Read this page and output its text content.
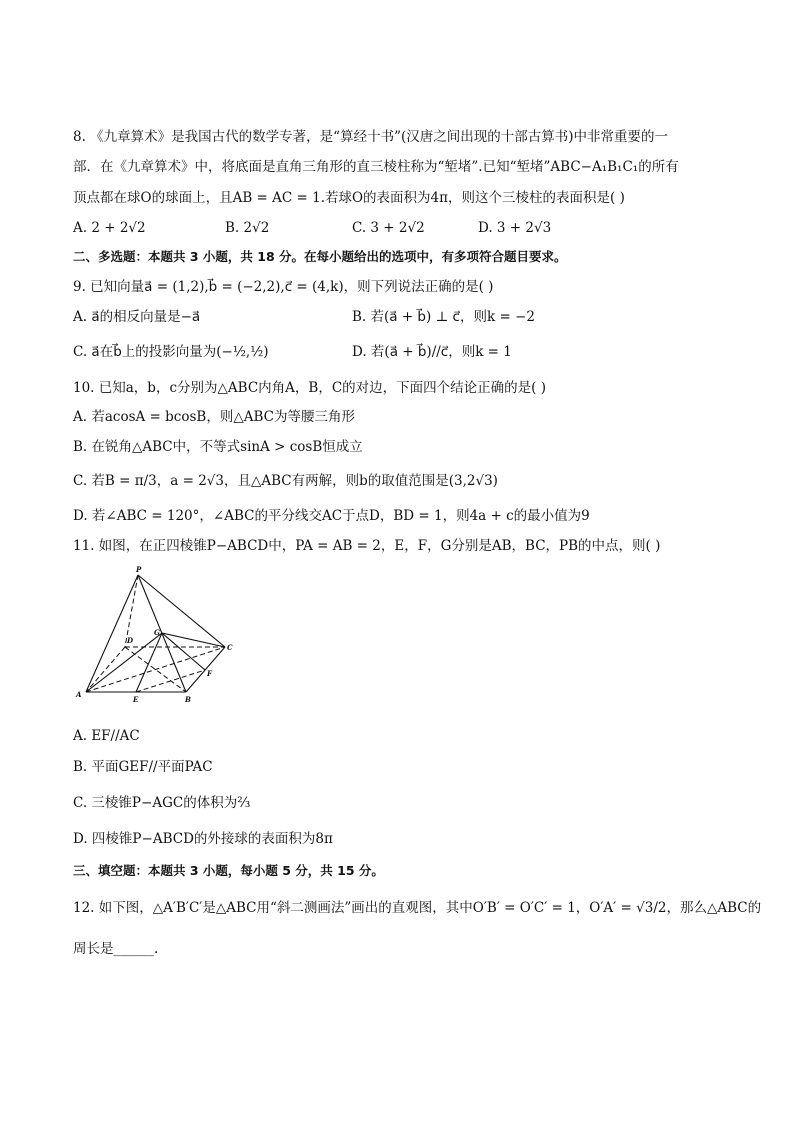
8. 《九章算术》是我国古代的数学专著，是“算经十书”(汉唐之间出现的十部古算书)中非常重要的一
部．在《九章算术》中，将底面是直角三角形的直三棱柱称为“堑堵”.已知“堑堵”ABC−A₁B₁C₁的所有
顶点都在球O的球面上，且AB = AC = 1.若球O的表面积为4π，则这个三棱柱的表面积是( )
A. 2 + 2√2	B. 2√2	C. 3 + 2√2	D. 3 + 2√3
二、多选题：本题共 3 小题，共 18 分。在每小题给出的选项中，有多项符合题目要求。
9. 已知向量a⃗ = (1,2),b⃗ = (−2,2),c⃗ = (4,k)，则下列说法正确的是( )
A. a⃗的相反向量是−a⃗	B. 若(a⃗ + b⃗) ⊥ c⃗，则k = −2
C. a⃗在b⃗上的投影向量为(−½,½)	D. 若(a⃗ + b⃗)//c⃗，则k = 1
10. 已知a，b，c分别为△ABC内角A，B，C的对边，下面四个结论正确的是( )
A. 若acosA = bcosB，则△ABC为等腰三角形
B. 在锐角△ABC中，不等式sinA > cosB恒成立
C. 若B = π/3，a = 2√3，且△ABC有两解，则b的取值范围是(3,2√3)
D. 若∠ABC = 120°，∠ABC的平分线交AC于点D，BD = 1，则4a + c的最小值为9
11. 如图，在正四棱锥P−ABCD中，PA = AB = 2，E，F，G分别是AB，BC，PB的中点，则( )
P
G
D
C
F
A
E	B
A. EF//AC
B. 平面GEF//平面PAC
C. 三棱锥P−AGC的体积为⅔
D. 四棱锥P−ABCD的外接球的表面积为8π
三、填空题：本题共 3 小题，每小题 5 分，共 15 分。
12. 如下图，△A′B′C′是△ABC用“斜二测画法”画出的直观图，其中O′B′ = O′C′ = 1，O′A′ = √3/2，那么△ABC的
周长是______.
